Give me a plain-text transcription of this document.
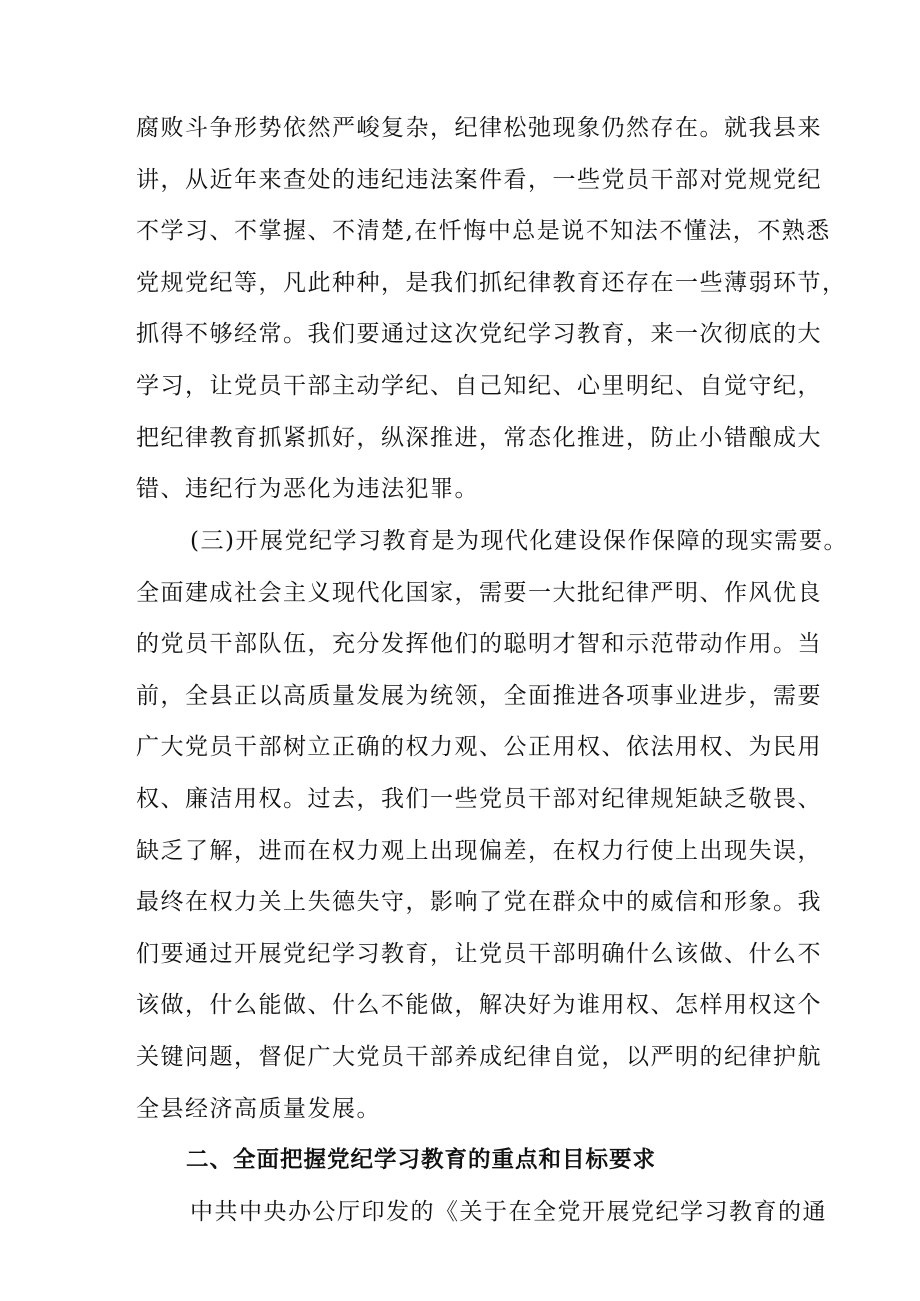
腐败斗争形势依然严峻复杂，纪律松弛现象仍然存在。就我县来
讲，从近年来查处的违纪违法案件看，一些党员干部对党规党纪
不学习、不掌握、不清楚,在忏悔中总是说不知法不懂法，不熟悉
党规党纪等，凡此种种，是我们抓纪律教育还存在一些薄弱环节，
抓得不够经常。我们要通过这次党纪学习教育，来一次彻底的大
学习，让党员干部主动学纪、自己知纪、心里明纪、自觉守纪，
把纪律教育抓紧抓好，纵深推进，常态化推进，防止小错酿成大
错、违纪行为恶化为违法犯罪。
(三)开展党纪学习教育是为现代化建设保作保障的现实需要。
全面建成社会主义现代化国家，需要一大批纪律严明、作风优良
的党员干部队伍，充分发挥他们的聪明才智和示范带动作用。当
前，全县正以高质量发展为统领，全面推进各项事业进步，需要
广大党员干部树立正确的权力观、公正用权、依法用权、为民用
权、廉洁用权。过去，我们一些党员干部对纪律规矩缺乏敬畏、
缺乏了解，进而在权力观上出现偏差，在权力行使上出现失误，
最终在权力关上失德失守，影响了党在群众中的威信和形象。我
们要通过开展党纪学习教育，让党员干部明确什么该做、什么不
该做，什么能做、什么不能做，解决好为谁用权、怎样用权这个
关键问题，督促广大党员干部养成纪律自觉，以严明的纪律护航
全县经济高质量发展。
二、全面把握党纪学习教育的重点和目标要求
中共中央办公厅印发的《关于在全党开展党纪学习教育的通
